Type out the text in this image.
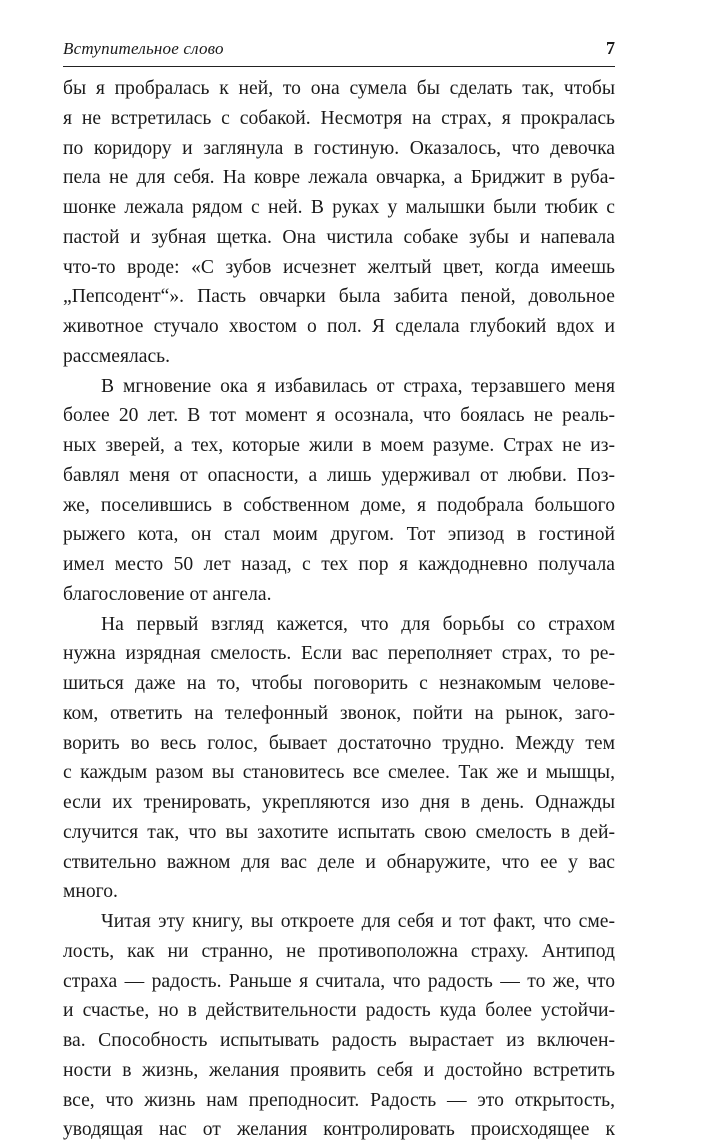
Вступительное слово	7
бы я пробралась к ней, то она сумела бы сделать так, чтобы
я не встретилась с собакой. Несмотря на страх, я прокралась
по коридору и заглянула в гостиную. Оказалось, что девочка
пела не для себя. На ковре лежала овчарка, а Бриджит в руба-
шонке лежала рядом с ней. В руках у малышки были тюбик с
пастой и зубная щетка. Она чистила собаке зубы и напевала
что-то вроде: «С зубов исчезнет желтый цвет, когда имеешь
„Пепсодент“». Пасть овчарки была забита пеной, довольное
животное стучало хвостом о пол. Я сделала глубокий вдох и
рассмеялась.
В мгновение ока я избавилась от страха, терзавшего меня
более 20 лет. В тот момент я осознала, что боялась не реаль-
ных зверей, а тех, которые жили в моем разуме. Страх не из-
бавлял меня от опасности, а лишь удерживал от любви. Поз-
же, поселившись в собственном доме, я подобрала большого
рыжего кота, он стал моим другом. Тот эпизод в гостиной
имел место 50 лет назад, с тех пор я каждодневно получала
благословение от ангела.
На первый взгляд кажется, что для борьбы со страхом
нужна изрядная смелость. Если вас переполняет страх, то ре-
шиться даже на то, чтобы поговорить с незнакомым челове-
ком, ответить на телефонный звонок, пойти на рынок, заго-
ворить во весь голос, бывает достаточно трудно. Между тем
с каждым разом вы становитесь все смелее. Так же и мышцы,
если их тренировать, укрепляются изо дня в день. Однажды
случится так, что вы захотите испытать свою смелость в дей-
ствительно важном для вас деле и обнаружите, что ее у вас
много.
Читая эту книгу, вы откроете для себя и тот факт, что сме-
лость, как ни странно, не противоположна страху. Антипод
страха — радость. Раньше я считала, что радость — то же, что
и счастье, но в действительности радость куда более устойчи-
ва. Способность испытывать радость вырастает из включен-
ности в жизнь, желания проявить себя и достойно встретить
все, что жизнь нам преподносит. Радость — это открытость,
уводящая нас от желания контролировать происходящее к
